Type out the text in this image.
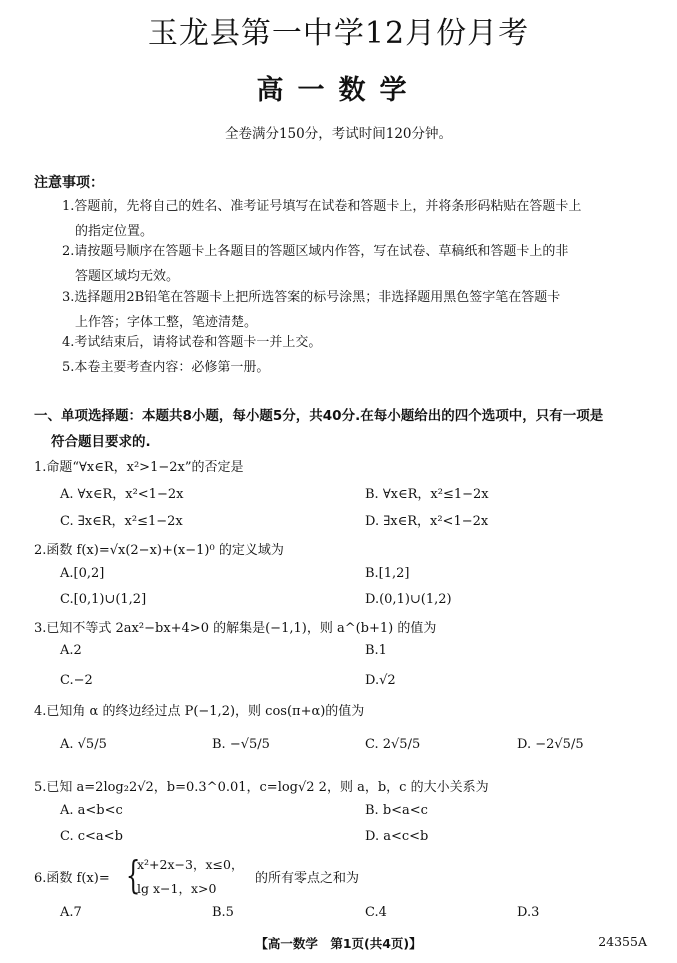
玉龙县第一中学12月份月考
高一数学
全卷满分150分，考试时间120分钟。
注意事项：
1.答题前，先将自己的姓名、准考证号填写在试卷和答题卡上，并将条形码粘贴在答题卡上
的指定位置。
2.请按题号顺序在答题卡上各题目的答题区域内作答，写在试卷、草稿纸和答题卡上的非
答题区域均无效。
3.选择题用2B铅笔在答题卡上把所选答案的标号涂黑；非选择题用黑色签字笔在答题卡
上作答；字体工整，笔迹清楚。
4.考试结束后，请将试卷和答题卡一并上交。
5.本卷主要考查内容：必修第一册。
一、单项选择题：本题共8小题，每小题5分，共40分.在每小题给出的四个选项中，只有一项是
符合题目要求的.
1.命题“∀x∈R，x²>1−2x”的否定是
A. ∀x∈R，x²<1−2x	B. ∀x∈R，x²≤1−2x
C. ∃x∈R，x²≤1−2x	D. ∃x∈R，x²<1−2x
2.函数 f(x)=√x(2−x)+(x−1)⁰ 的定义域为
A.[0,2]	B.[1,2]
C.[0,1)∪(1,2]	D.(0,1)∪(1,2)
3.已知不等式 2ax²−bx+4>0 的解集是(−1,1)，则 a^(b+1) 的值为
A.2	B.1
C.−2	D.√2
4.已知角 α 的终边经过点 P(−1,2)，则 cos(π+α)的值为
A. √5/5	B. −√5/5	C. 2√5/5	D. −2√5/5
5.已知 a=2log₂2√2，b=0.3^0.01，c=log√2 2，则 a，b，c 的大小关系为
A. a<b<c	B. b<a<c
C. c<a<b	D. a<c<b
6.函数 f(x)= {
x²+2x−3，x≤0，
lg x−1，x>0
的所有零点之和为
A.7	B.5	C.4	D.3
【高一数学　第1页(共4页)】	24355A
